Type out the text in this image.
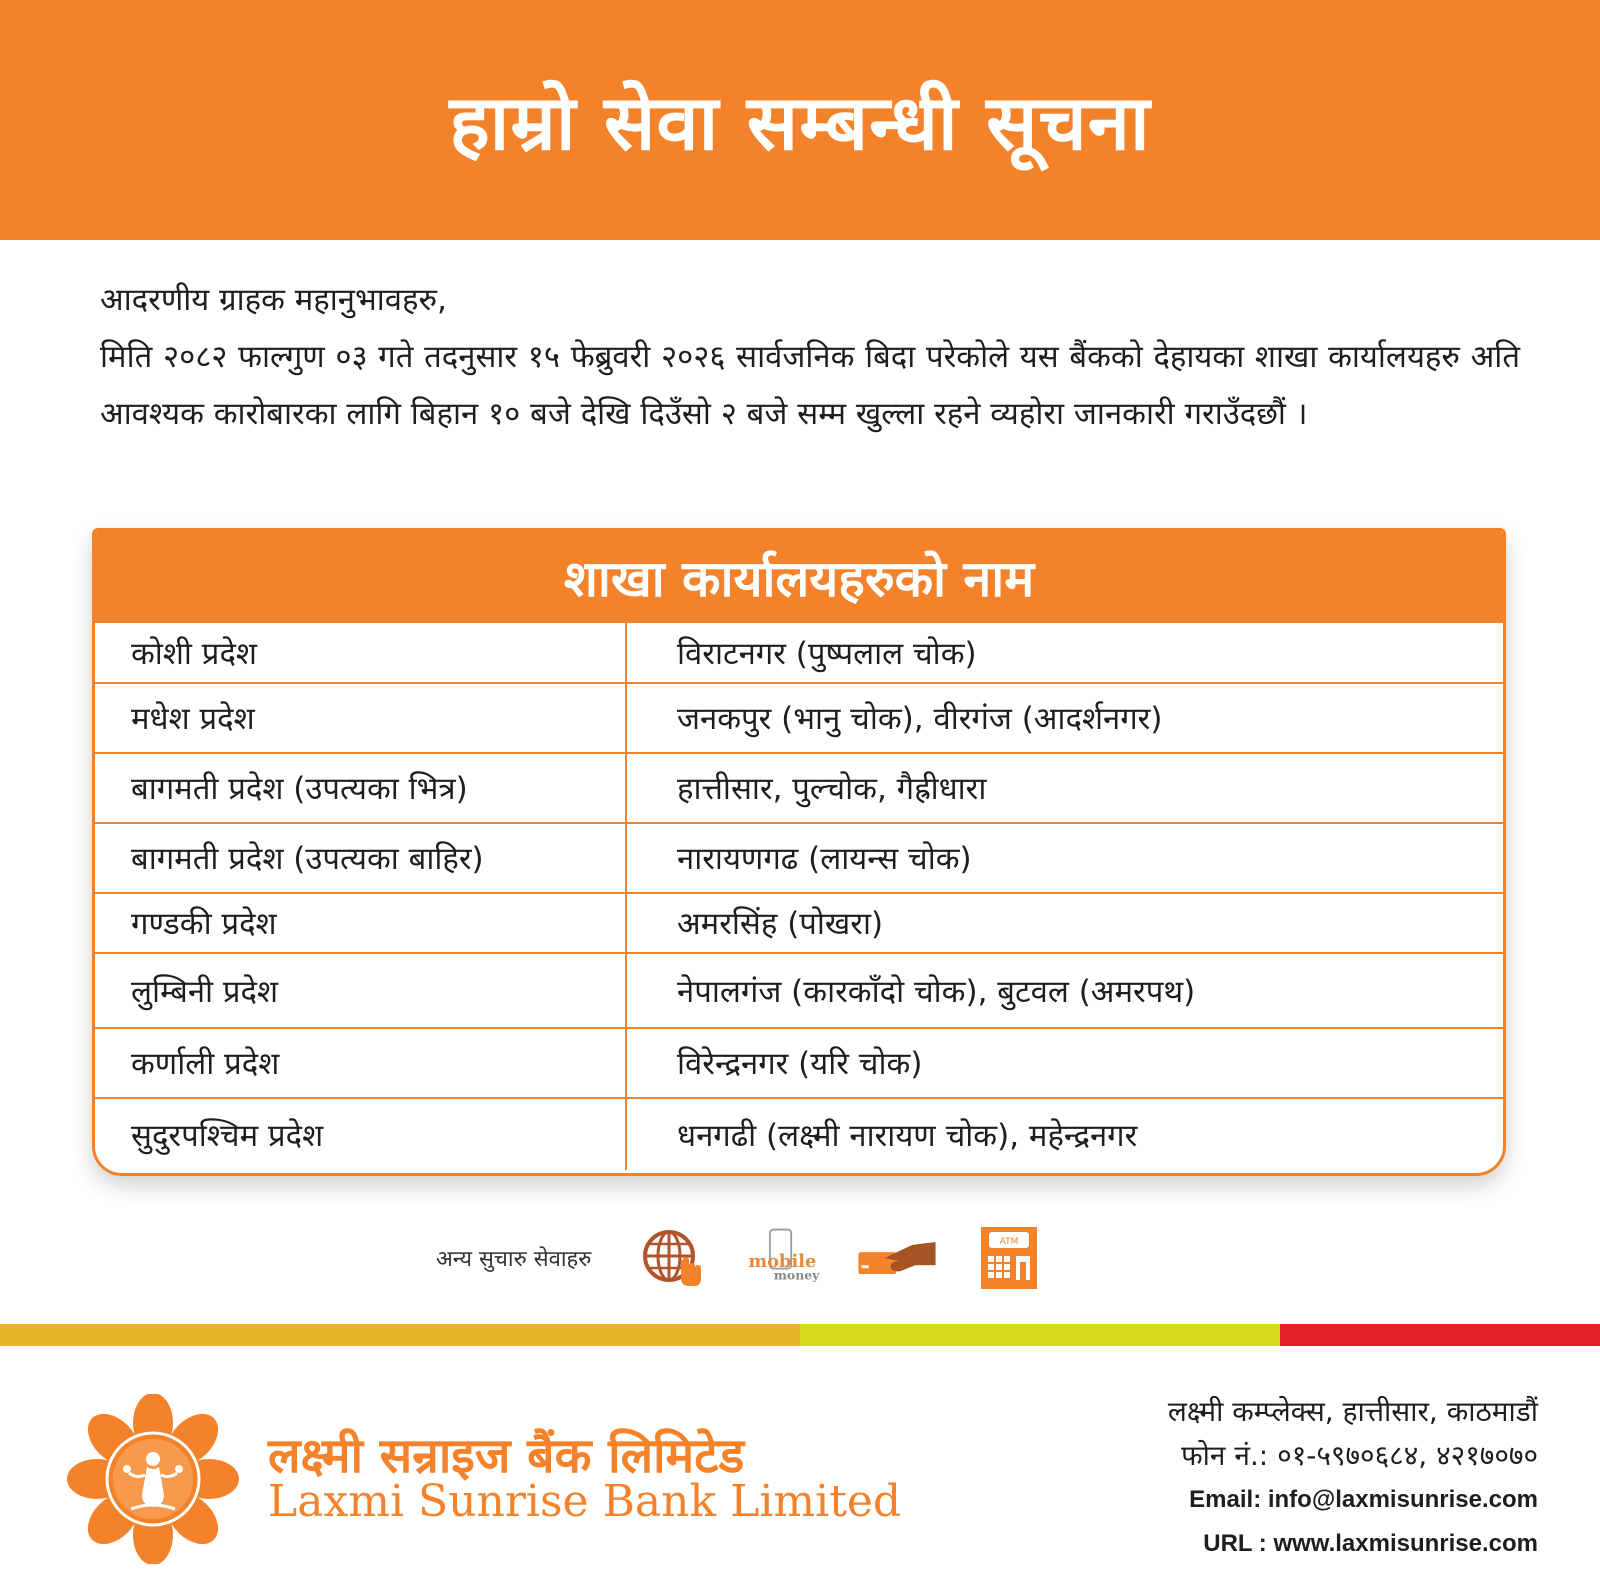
हाम्रो सेवा सम्बन्धी सूचना

आदरणीय ग्राहक महानुभावहरु,

मिति २०८२ फाल्गुण ०३ गते तदनुसार १५ फेब्रुवरी २०२६ सार्वजनिक बिदा परेकोले यस बैंकको देहायका शाखा कार्यालयहरु अति आवश्यक कारोबारका लागि बिहान १० बजे देखि दिउँसो २ बजे सम्म खुल्ला रहने व्यहोरा जानकारी गराउँदछौं ।

शाखा कार्यालयहरुको नाम
कोशी प्रदेश	विराटनगर (पुष्पलाल चोक)
मधेश प्रदेश	जनकपुर (भानु चोक), वीरगंज (आदर्शनगर)
बागमती प्रदेश (उपत्यका भित्र)	हात्तीसार, पुल्चोक, गैह्रीधारा
बागमती प्रदेश (उपत्यका बाहिर)	नारायणगढ (लायन्स चोक)
गण्डकी प्रदेश	अमरसिंह (पोखरा)
लुम्बिनी प्रदेश	नेपालगंज (कारकाँदो चोक), बुटवल (अमरपथ)
कर्णाली प्रदेश	विरेन्द्रनगर (यरि चोक)
सुदुरपश्चिम प्रदेश	धनगढी (लक्ष्मी नारायण चोक), महेन्द्रनगर
अन्य सुचारु सेवाहरु	mobile
money
ATM
लक्ष्मी सन्राइज बैंक लिमिटेड
Laxmi Sunrise Bank Limited
लक्ष्मी कम्प्लेक्स, हात्तीसार, काठमाडौं
फोन नं.: ०१-५९७०६८४, ४२१७०७०
Email: info@laxmisunrise.com
URL : www.laxmisunrise.com
